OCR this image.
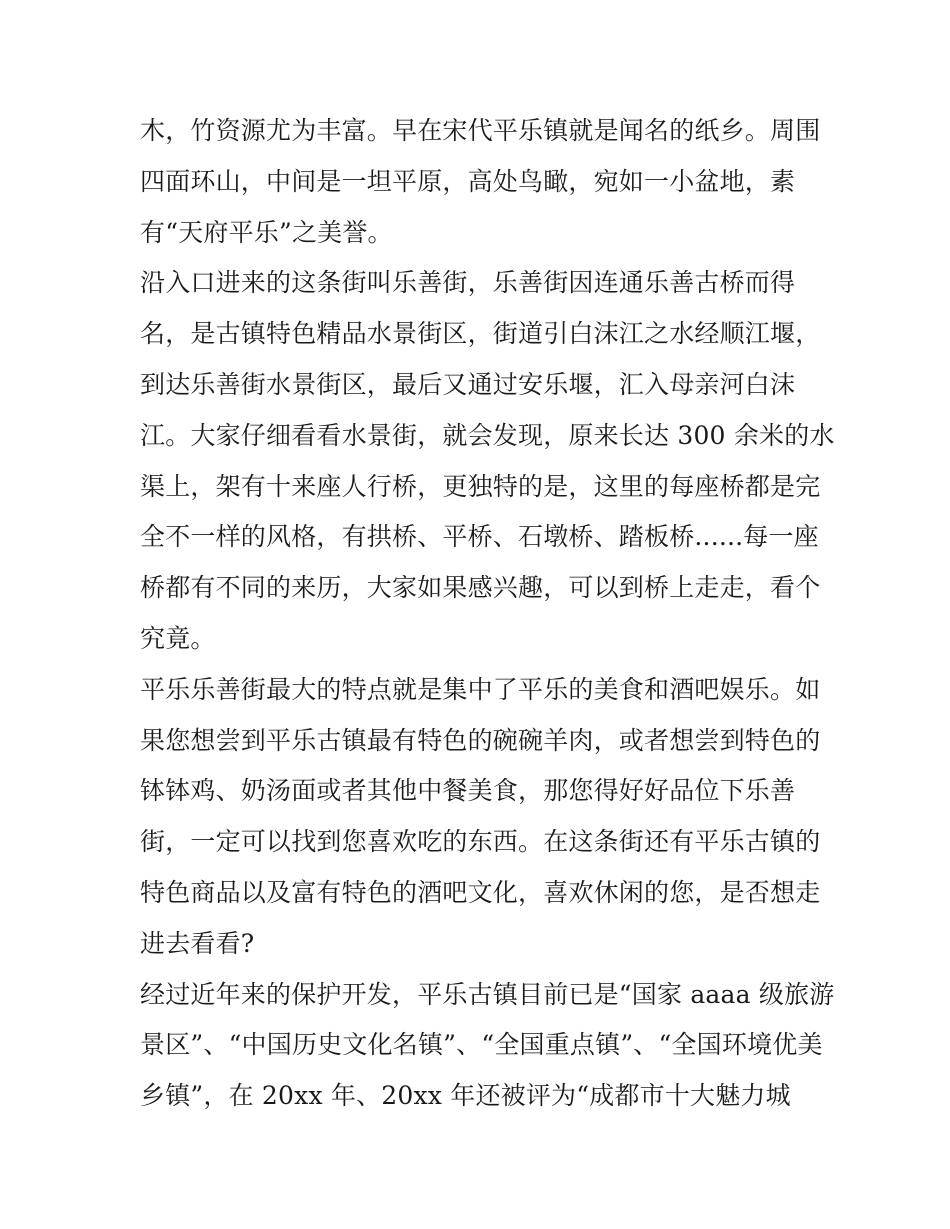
木，竹资源尤为丰富。早在宋代平乐镇就是闻名的纸乡。周围
四面环山，中间是一坦平原，高处鸟瞰，宛如一小盆地，素
有“天府平乐”之美誉。
沿入口进来的这条街叫乐善街，乐善街因连通乐善古桥而得
名，是古镇特色精品水景街区，街道引白沫江之水经顺江堰，
到达乐善街水景街区，最后又通过安乐堰，汇入母亲河白沫
江。大家仔细看看水景街，就会发现，原来长达 300 余米的水
渠上，架有十来座人行桥，更独特的是，这里的每座桥都是完
全不一样的风格，有拱桥、平桥、石墩桥、踏板桥......每一座
桥都有不同的来历，大家如果感兴趣，可以到桥上走走，看个
究竟。
平乐乐善街最大的特点就是集中了平乐的美食和酒吧娱乐。如
果您想尝到平乐古镇最有特色的碗碗羊肉，或者想尝到特色的
钵钵鸡、奶汤面或者其他中餐美食，那您得好好品位下乐善
街，一定可以找到您喜欢吃的东西。在这条街还有平乐古镇的
特色商品以及富有特色的酒吧文化，喜欢休闲的您，是否想走
进去看看?
经过近年来的保护开发，平乐古镇目前已是“国家 aaaa 级旅游
景区”、“中国历史文化名镇”、“全国重点镇”、“全国环境优美
乡镇”，在 20xx 年、20xx 年还被评为“成都市十大魅力城
